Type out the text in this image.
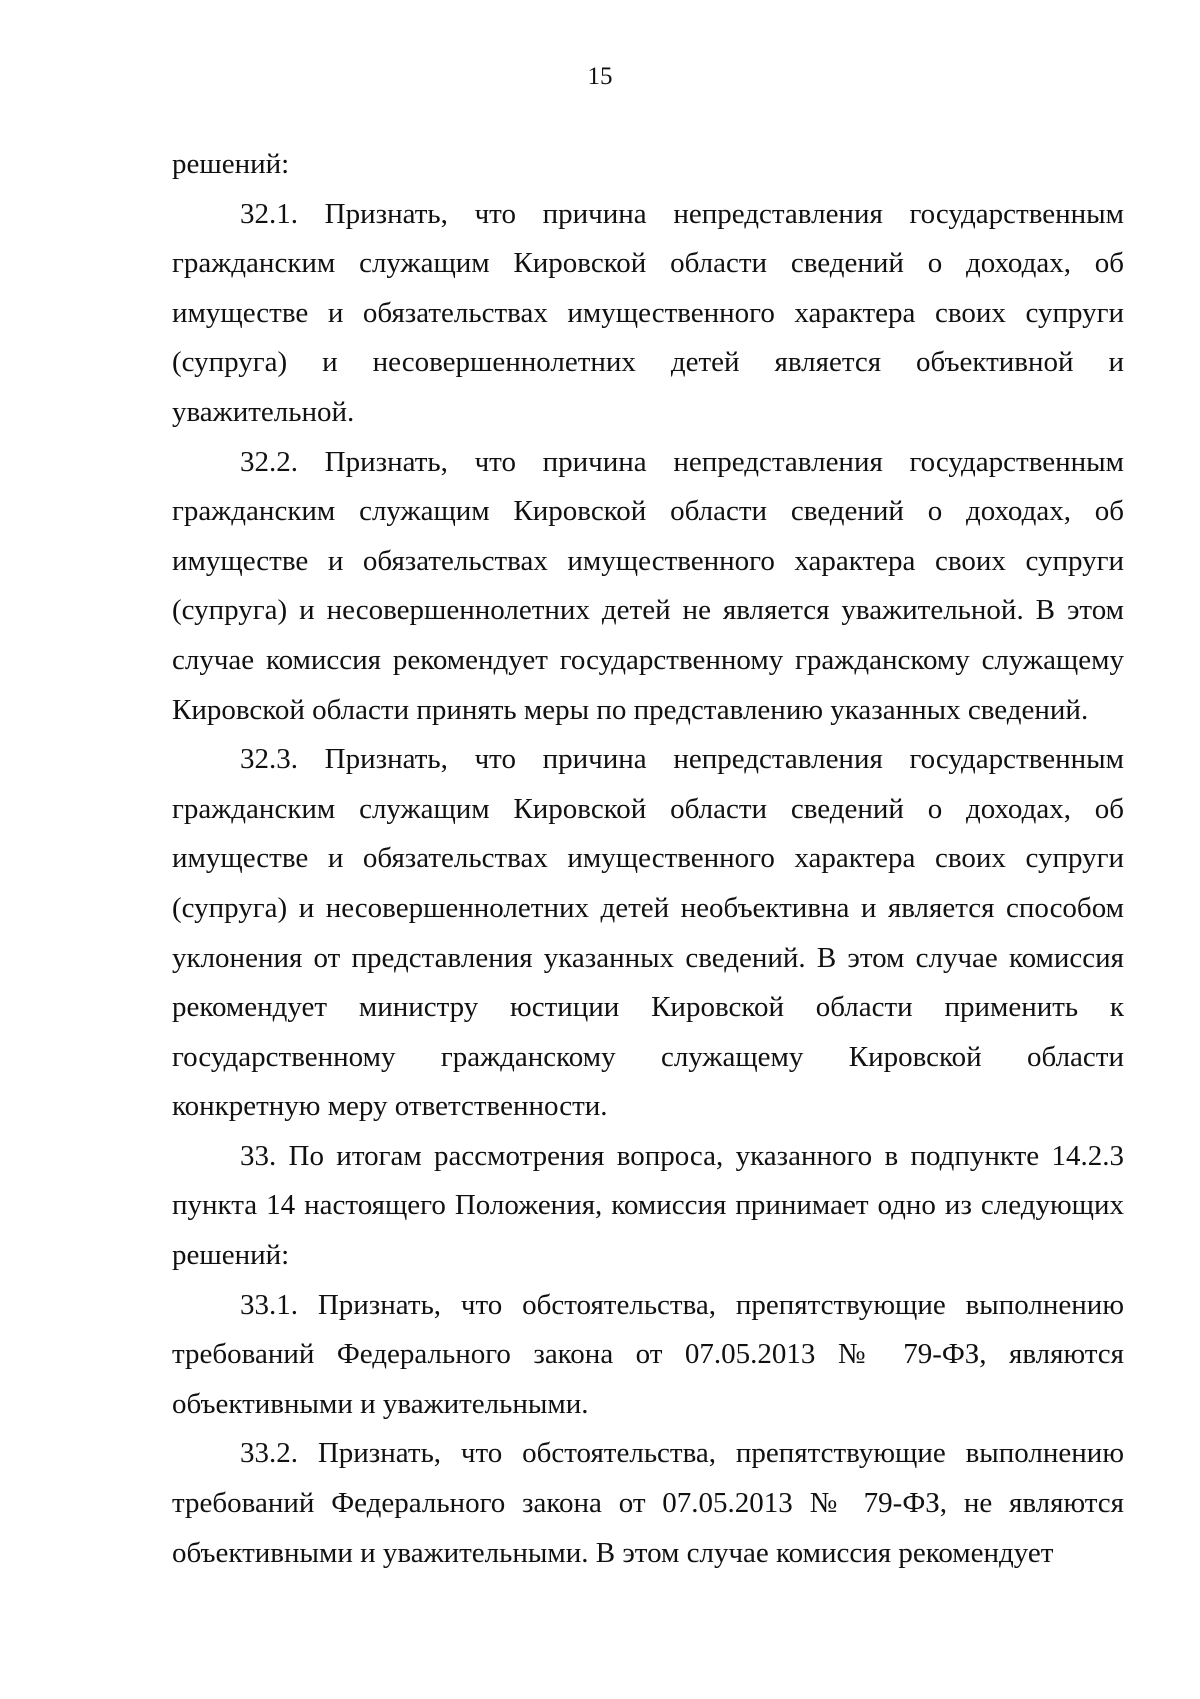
15

решений:

32.1. Признать, что причина непредставления государственным гражданским служащим Кировской области сведений о доходах, об имуществе и обязательствах имущественного характера своих супруги (супруга) и несовершеннолетних детей является объективной и уважительной.

32.2. Признать, что причина непредставления государственным гражданским служащим Кировской области сведений о доходах, об имуществе и обязательствах имущественного характера своих супруги (супруга) и несовершеннолетних детей не является уважительной. В этом случае комиссия рекомендует государственному гражданскому служащему Кировской области принять меры по представлению указанных сведений.

32.3. Признать, что причина непредставления государственным гражданским служащим Кировской области сведений о доходах, об имуществе и обязательствах имущественного характера своих супруги (супруга) и несовершеннолетних детей необъективна и является способом уклонения от представления указанных сведений. В этом случае комиссия рекомендует министру юстиции Кировской области применить к государственному гражданскому служащему Кировской области конкретную меру ответственности.

33. По итогам рассмотрения вопроса, указанного в подпункте 14.2.3 пункта 14 настоящего Положения, комиссия принимает одно из следующих решений:

33.1. Признать, что обстоятельства, препятствующие выполнению требований Федерального закона от 07.05.2013 № 79-ФЗ, являются объективными и уважительными.

33.2. Признать, что обстоятельства, препятствующие выполнению требований Федерального закона от 07.05.2013 № 79-ФЗ, не являются объективными и уважительными. В этом случае комиссия рекомендует
